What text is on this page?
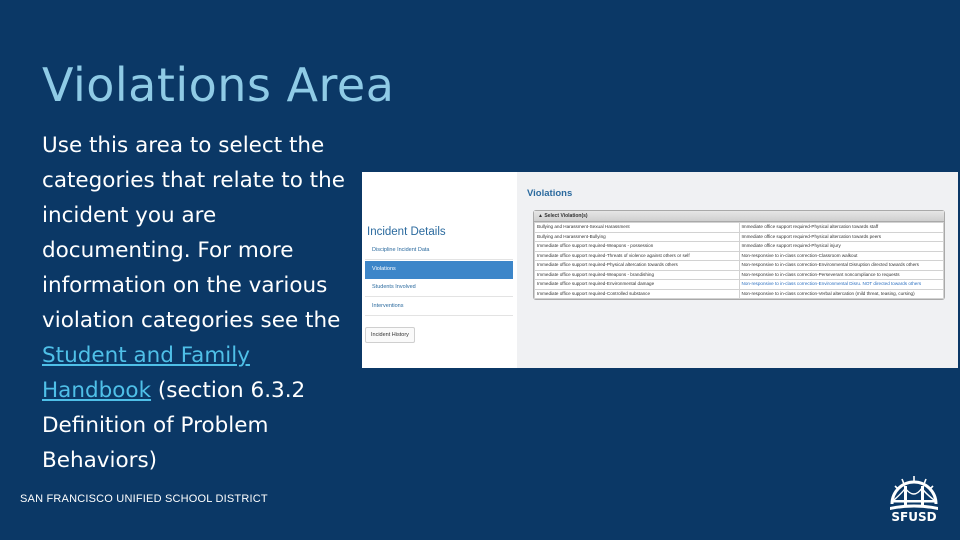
Violations Area

Use this area to select the categories that relate to the incident you are documenting. For more information on the various violation categories see the Student and Family Handbook (section 6.3.2 Definition of Problem Behaviors)

Incident Details
Discipline Incident Data
Violations
Students Involved
Interventions
Incident History
Violations
▲ Select Violation(s)
Bullying and Harassment-Sexual Harassment	Immediate office support required-Physical altercation towards staff
Bullying and Harassment-Bullying	Immediate office support required-Physical altercation towards peers
Immediate office support required-Weapons - possession	Immediate office support required-Physical injury
Immediate office support required-Threats of violence against others or self	Non-responsive to in-class correction-Classroom walkout
Immediate office support required-Physical altercation towards others	Non-responsive to in-class correction-Environmental Disruption directed towards others
Immediate office support required-Weapons - brandishing	Non-responsive to in-class correction-Perseverant noncompliance to requests
Immediate office support required-Environmental damage	Non-responsive to in-class correction-Environmental Disru. NOT directed towards others
Immediate office support required-Controlled substance	Non-responsive to in-class correction-Verbal altercation (mild threat, teasing, cursing)
SAN FRANCISCO UNIFIED SCHOOL DISTRICT
SFUSD
